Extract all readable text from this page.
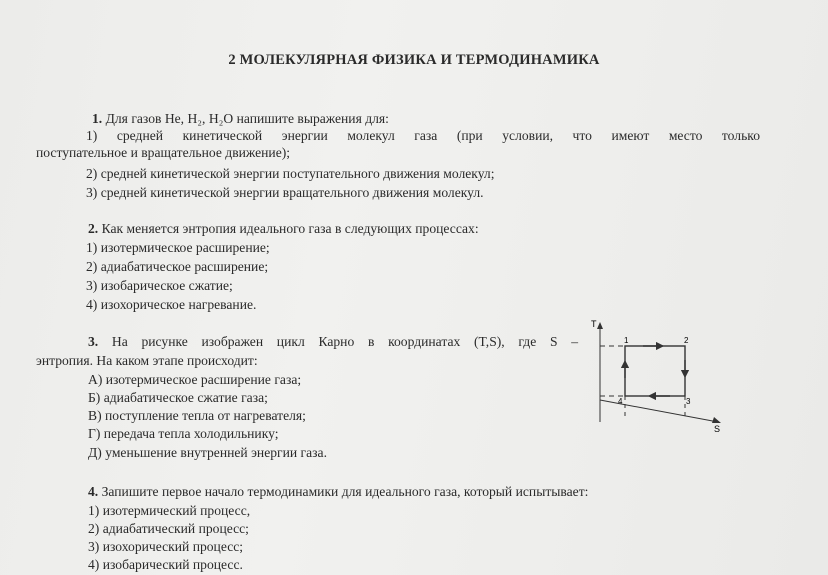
2 МОЛЕКУЛЯРНАЯ ФИЗИКА И ТЕРМОДИНАМИКА
1. Для газов He, H₂, H₂O напишите выражения для:
1) средней кинетической энергии молекул газа (при условии, что имеют место только
поступательное и вращательное движение);
2) средней кинетической энергии поступательного движения молекул;
3) средней кинетической энергии вращательного движения молекул.
2. Как меняется энтропия идеального газа в следующих процессах:
1) изотермическое расширение;
2) адиабатическое расширение;
3) изобарическое сжатие;
4) изохорическое нагревание.
3. На рисунке изображен цикл Карно в координатах (T,S), где S –
энтропия. На каком этапе происходит:
А) изотермическое расширение газа;
Б) адиабатическое сжатие газа;
В) поступление тепла от нагревателя;
Г) передача тепла холодильнику;
Д) уменьшение внутренней энергии газа.
T
S
1	2
3
4
4. Запишите первое начало термодинамики для идеального газа, который испытывает:
1) изотермический процесс,
2) адиабатический процесс;
3) изохорический процесс;
4) изобарический процесс.
